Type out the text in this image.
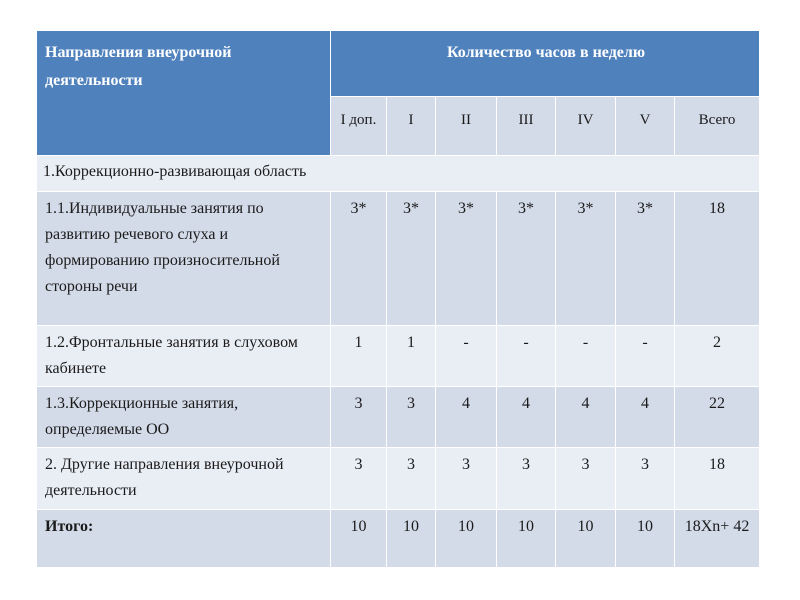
Направления внеурочной деятельности	Количество часов в неделю						

	I доп.	I	II	III	IV	V	Всего

1.Коррекционно-развивающая область							

1.1.Индивидуальные занятия по развитию речевого слуха и формированию произносительной стороны речи	3*	3*	3*	3*	3*	3*	18

1.2.Фронтальные занятия в слуховом кабинете	1	1	-	-	-	-	2

1.3.Коррекционные занятия, определяемые ОО	3	3	4	4	4	4	22

2. Другие направления внеурочной деятельности	3	3	3	3	3	3	18

Итого:	10	10	10	10	10	10	18Xn+ 42
